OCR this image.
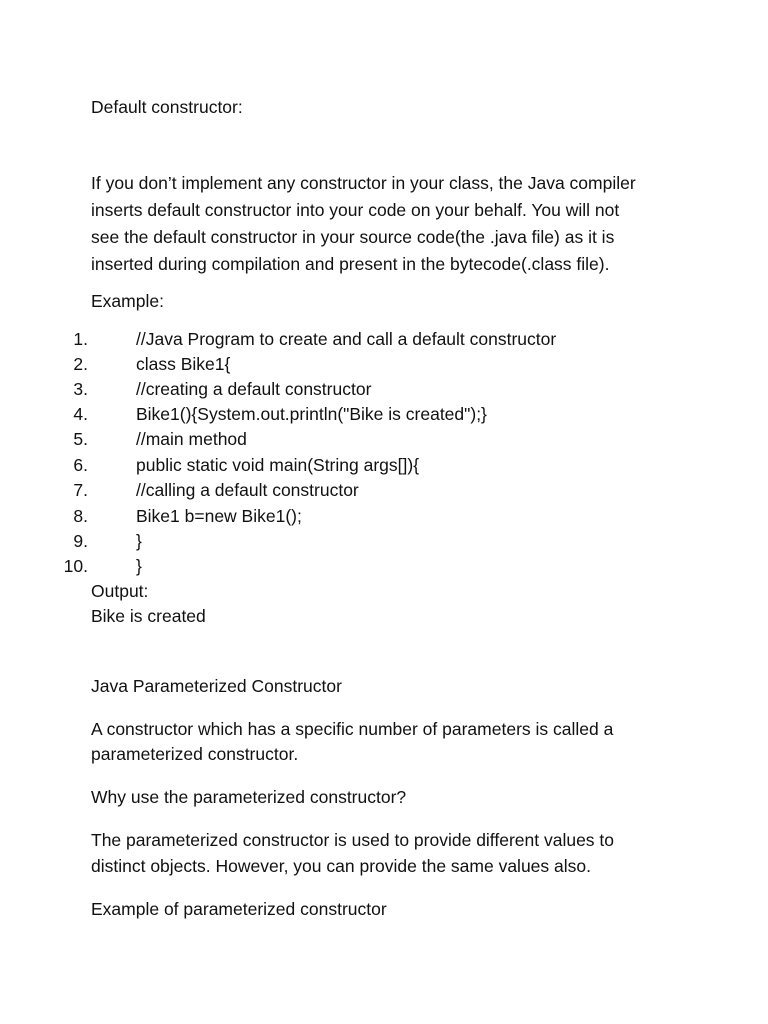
Default constructor:
If you don’t implement any constructor in your class, the Java compiler
inserts default constructor into your code on your behalf. You will not
see the default constructor in your source code(the .java file) as it is
inserted during compilation and present in the bytecode(.class file).
Example:
1.	//Java Program to create and call a default constructor
2.	class Bike1{
3.	//creating a default constructor
4.	Bike1(){System.out.println("Bike is created");}
5.	//main method
6.	public static void main(String args[]){
7.	//calling a default constructor
8.	Bike1 b=new Bike1();
9.	}
10.	}
Output:
Bike is created
Java Parameterized Constructor
A constructor which has a specific number of parameters is called a
parameterized constructor.
Why use the parameterized constructor?
The parameterized constructor is used to provide different values to
distinct objects. However, you can provide the same values also.
Example of parameterized constructor
